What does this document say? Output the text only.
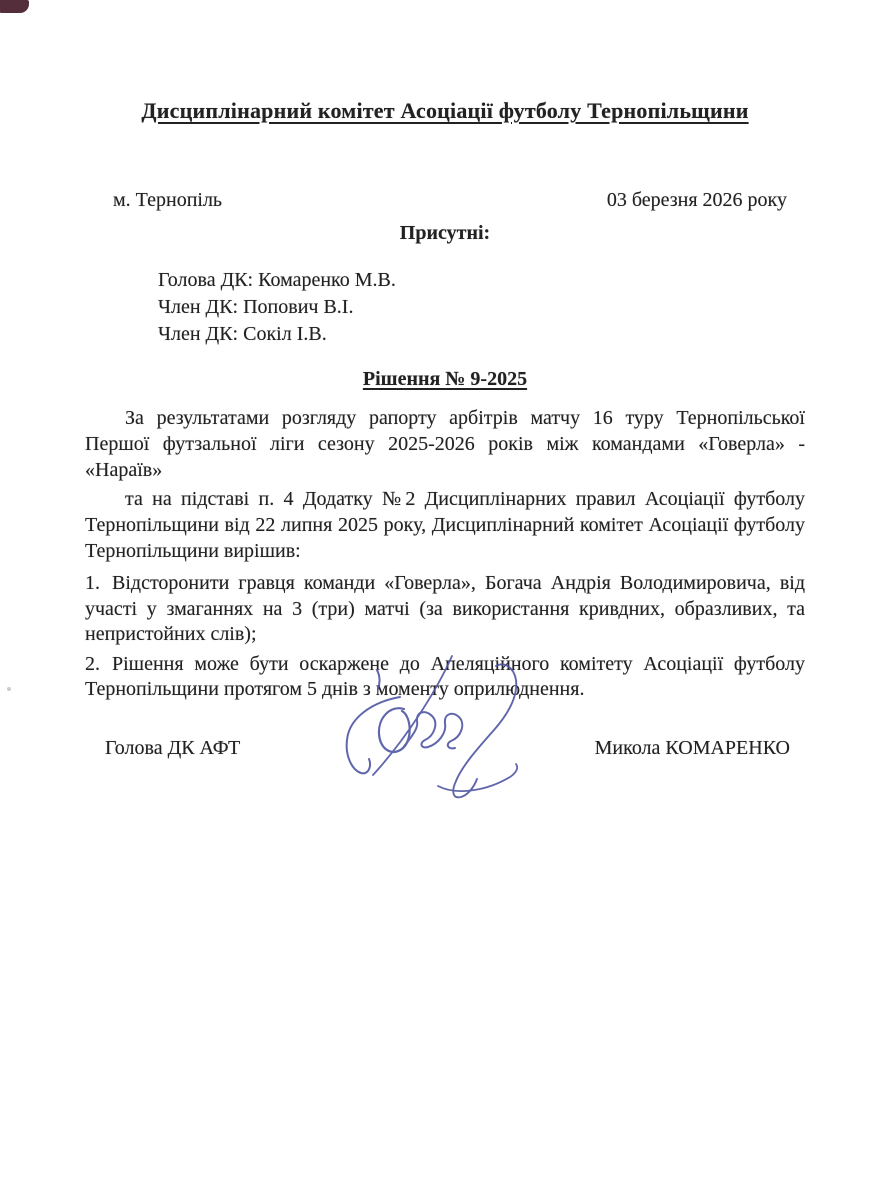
Дисциплінарний комітет Асоціації футболу Тернопільщини
м. Тернопіль	03 березня 2026 року
Присутні:
Голова ДК: Комаренко М.В.
Член ДК: Попович В.І.
Член ДК: Сокіл І.В.
Рішення № 9-2025

За результатами розгляду рапорту арбітрів матчу 16 туру Тернопільської Першої футзальної ліги сезону 2025-2026 років між командами «Говерла» - «Нараїв»

та на підставі п. 4 Додатку №2 Дисциплінарних правил Асоціації футболу Тернопільщини від 22 липня 2025 року, Дисциплінарний комітет Асоціації футболу Тернопільщини вирішив:

1. Відсторонити гравця команди «Говерла», Богача Андрія Володимировича, від участі у змаганнях на 3 (три) матчі (за використання кривдних, образливих, та непристойних слів);

2. Рішення може бути оскаржене до Апеляційного комітету Асоціації футболу Тернопільщини протягом 5 днів з моменту оприлюднення.

Голова ДК АФТ	Микола КОМАРЕНКО
